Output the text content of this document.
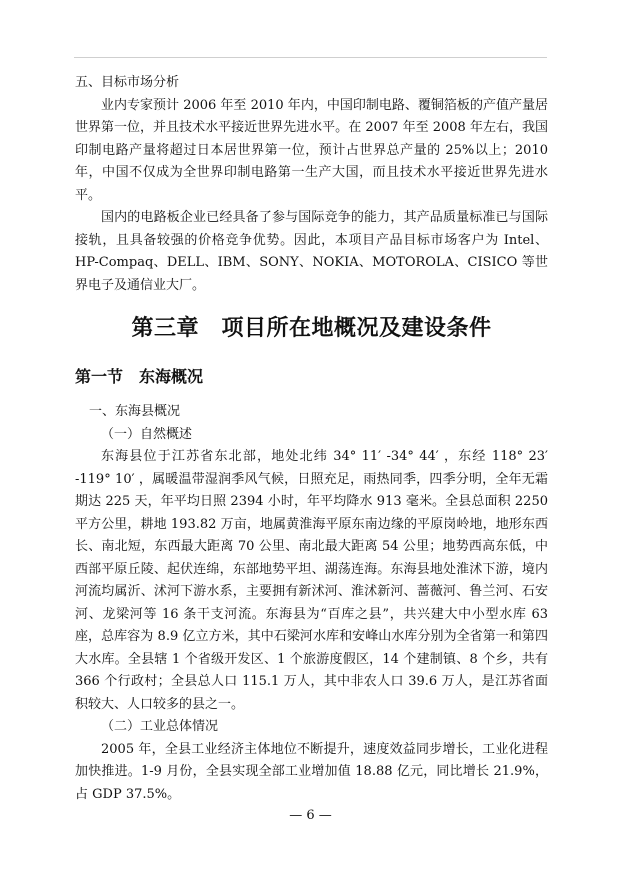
五、目标市场分析

业内专家预计 2006 年至 2010 年内，中国印制电路、覆铜箔板的产值产量居世界第一位，并且技术水平接近世界先进水平。在 2007 年至 2008 年左右，我国印制电路产量将超过日本居世界第一位，预计占世界总产量的 25%以上；2010 年，中国不仅成为全世界印制电路第一生产大国，而且技术水平接近世界先进水平。

国内的电路板企业已经具备了参与国际竞争的能力，其产品质量标准已与国际接轨，且具备较强的价格竞争优势。因此，本项目产品目标市场客户为 Intel、HP-Compaq、DELL、IBM、SONY、NOKIA、MOTOROLA、CISICO 等世界电子及通信业大厂。

第三章　项目所在地概况及建设条件
第一节　东海概况

一、东海县概况

（一）自然概述

东海县位于江苏省东北部，地处北纬 34° 11′ -34° 44′ ，东经 118° 23′ -119° 10′ ，属暖温带湿润季风气候，日照充足，雨热同季，四季分明，全年无霜期达 225 天，年平均日照 2394 小时，年平均降水 913 毫米。全县总面积 2250 平方公里，耕地 193.82 万亩，地属黄淮海平原东南边缘的平原岗岭地，地形东西长、南北短，东西最大距离 70 公里、南北最大距离 54 公里；地势西高东低，中西部平原丘陵、起伏连绵，东部地势平坦、湖荡连海。东海县地处淮沭下游，境内河流均属沂、沭河下游水系，主要拥有新沭河、淮沭新河、蔷薇河、鲁兰河、石安河、龙梁河等 16 条干支河流。东海县为“百库之县”，共兴建大中小型水库 63 座，总库容为 8.9 亿立方米，其中石梁河水库和安峰山水库分别为全省第一和第四大水库。全县辖 1 个省级开发区、1 个旅游度假区，14 个建制镇、8 个乡，共有 366 个行政村；全县总人口 115.1 万人，其中非农人口 39.6 万人，是江苏省面积较大、人口较多的县之一。

（二）工业总体情况

2005 年，全县工业经济主体地位不断提升，速度效益同步增长，工业化进程加快推进。1-9 月份，全县实现全部工业增加值 18.88 亿元，同比增长 21.9%，占 GDP 37.5%。

— 6 —
